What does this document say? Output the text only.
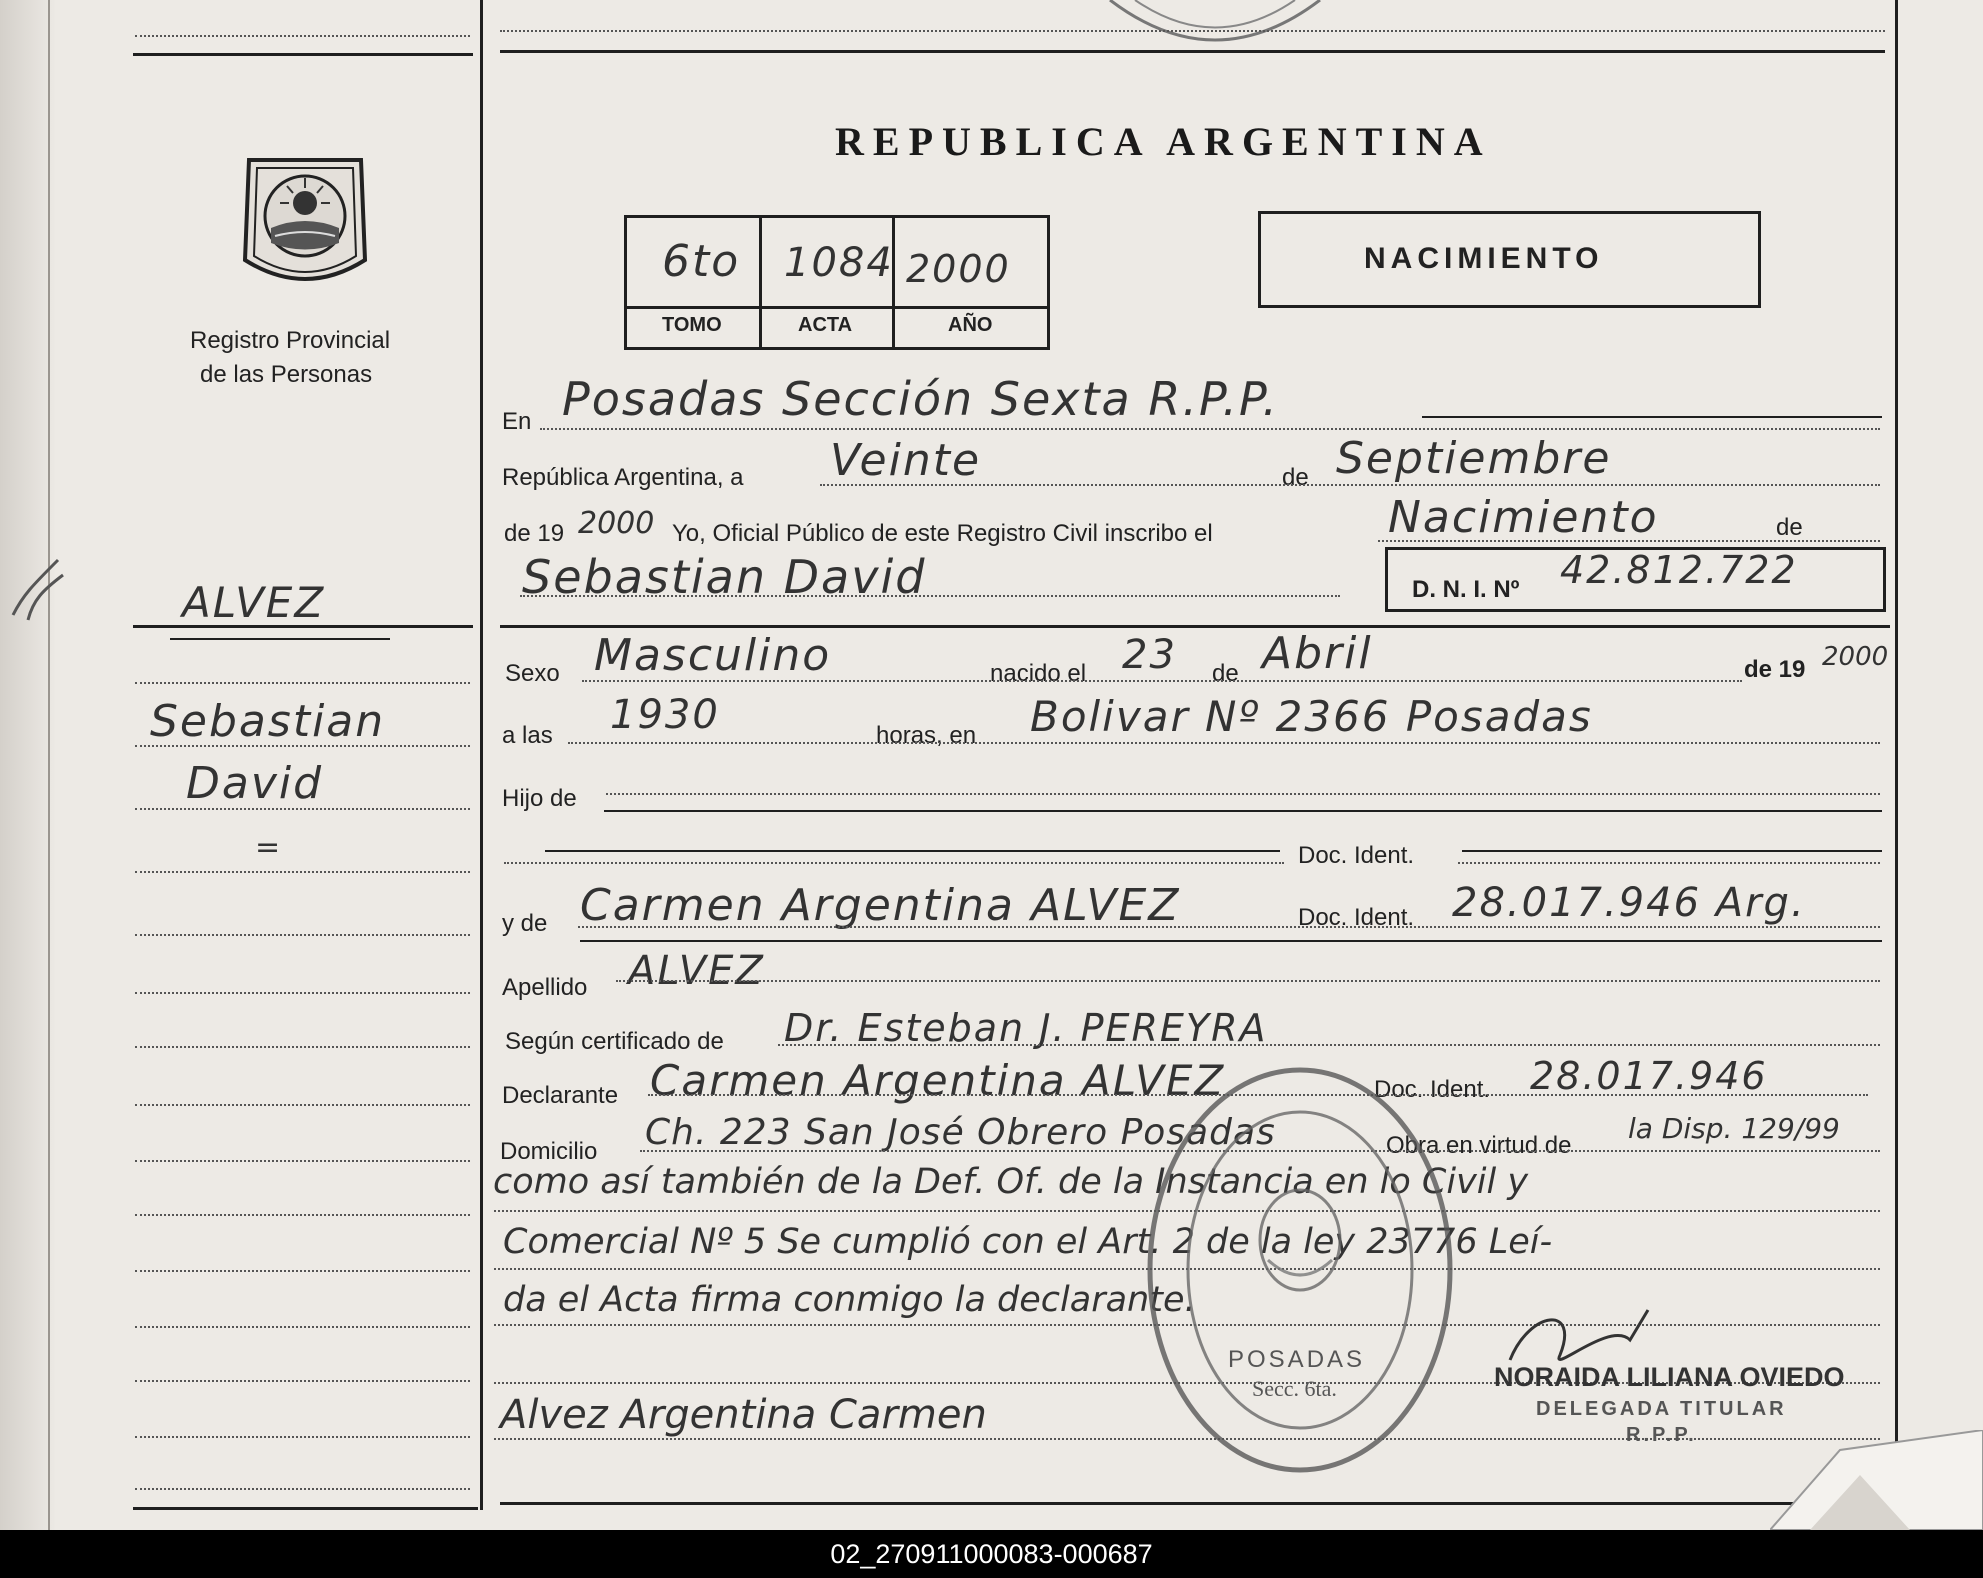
Registro Provincial
de las Personas
REPUBLICA ARGENTINA
6to 1084 2000
TOMO	ACTA	AÑO
NACIMIENTO
En Posadas Sección Sexta R.P.P.
República Argentina, a Veinte	de Septiembre
de 19 2000 Yo, Oficial Público de este Registro Civil inscribo el	Nacimiento	de
Sebastian David	D. N. I. Nº 42.812.722
Sexo Masculino	nacido el 23 de Abril	de 19 2000
a las 1930	horas, en Bolivar Nº 2366 Posadas
Hijo de
Doc. Ident.
y de Carmen Argentina ALVEZ	Doc. Ident. 28.017.946 Arg.
Apellido ALVEZ
Según certificado de Dr. Esteban J. PEREYRA
Declarante Carmen Argentina ALVEZ	Doc. Ident. 28.017.946
Domicilio Ch. 223 San José Obrero Posadas	Obra en virtud de
la Disp. 129/99
como así también de la Def. Of. de la Instancia en lo Civil y
Comercial Nº 5 Se cumplió con el Art. 2 de la ley 23776 Leí-
da el Acta firma conmigo la declarante.
Alvez Argentina Carmen
NORAIDA LILIANA OVIEDO
DELEGADA TITULAR
R.P.P.
POSADAS
Secc. 6ta.
ALVEZ
Sebastian
David
=
02_270911000083-000687
